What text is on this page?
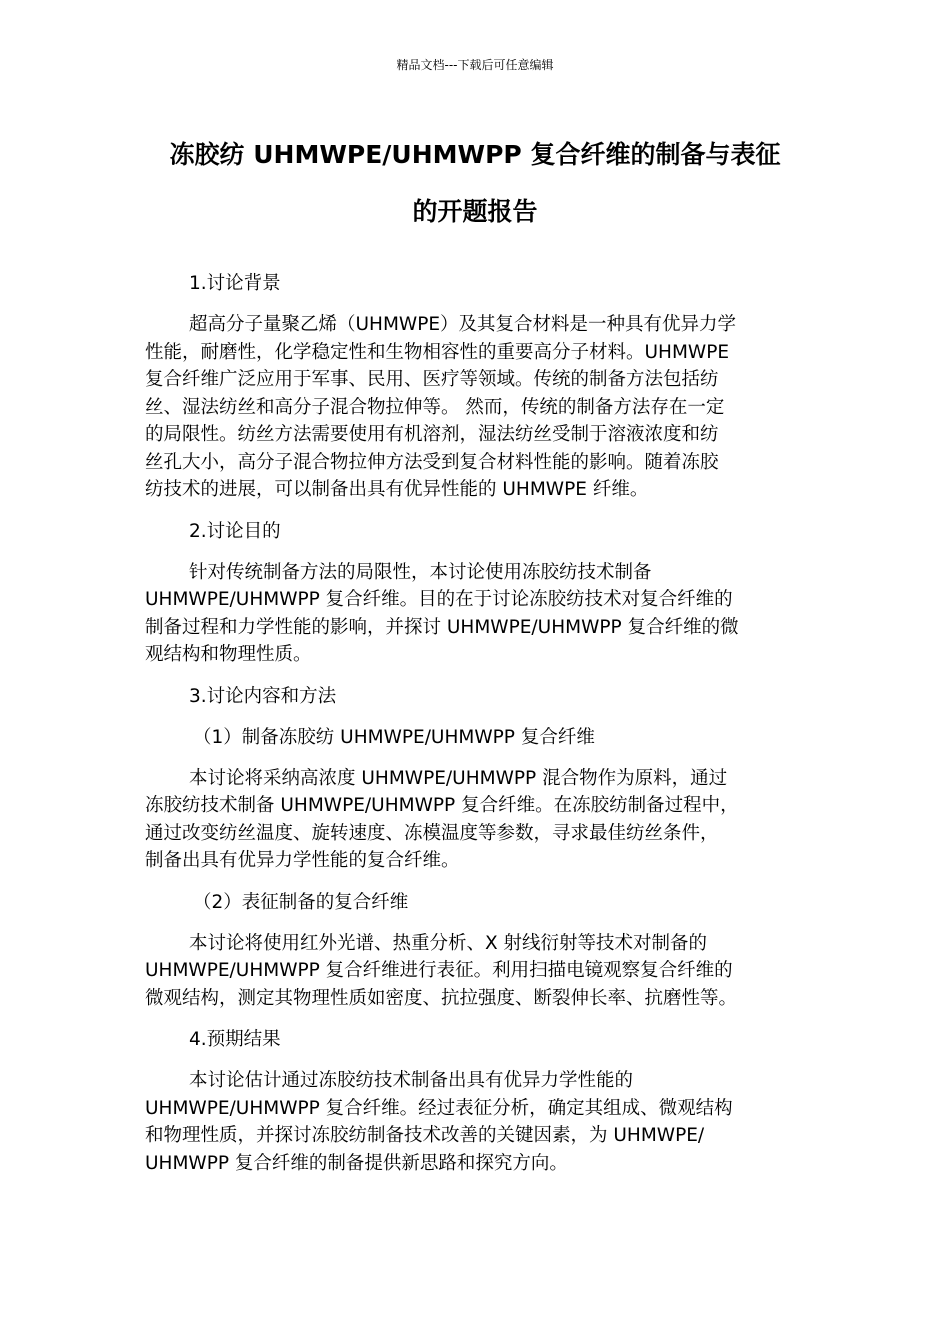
精品文档---下载后可任意编辑
冻胶纺 UHMWPE/UHMWPP 复合纤维的制备与表征
的开题报告
1.讨论背景
超高分子量聚乙烯（UHMWPE）及其复合材料是一种具有优异力学
性能，耐磨性，化学稳定性和生物相容性的重要高分子材料。UHMWPE
复合纤维广泛应用于军事、民用、医疗等领域。传统的制备方法包括纺
丝、湿法纺丝和高分子混合物拉伸等。 然而，传统的制备方法存在一定
的局限性。纺丝方法需要使用有机溶剂，湿法纺丝受制于溶液浓度和纺
丝孔大小，高分子混合物拉伸方法受到复合材料性能的影响。随着冻胶
纺技术的进展，可以制备出具有优异性能的 UHMWPE 纤维。
2.讨论目的
针对传统制备方法的局限性，本讨论使用冻胶纺技术制备
UHMWPE/UHMWPP 复合纤维。目的在于讨论冻胶纺技术对复合纤维的
制备过程和力学性能的影响，并探讨 UHMWPE/UHMWPP 复合纤维的微
观结构和物理性质。
3.讨论内容和方法
（1）制备冻胶纺 UHMWPE/UHMWPP 复合纤维
本讨论将采纳高浓度 UHMWPE/UHMWPP 混合物作为原料，通过
冻胶纺技术制备 UHMWPE/UHMWPP 复合纤维。在冻胶纺制备过程中，
通过改变纺丝温度、旋转速度、冻模温度等参数，寻求最佳纺丝条件，
制备出具有优异力学性能的复合纤维。
（2）表征制备的复合纤维
本讨论将使用红外光谱、热重分析、X 射线衍射等技术对制备的
UHMWPE/UHMWPP 复合纤维进行表征。利用扫描电镜观察复合纤维的
微观结构，测定其物理性质如密度、抗拉强度、断裂伸长率、抗磨性等。
4.预期结果
本讨论估计通过冻胶纺技术制备出具有优异力学性能的
UHMWPE/UHMWPP 复合纤维。经过表征分析，确定其组成、微观结构
和物理性质，并探讨冻胶纺制备技术改善的关键因素，为 UHMWPE/
UHMWPP 复合纤维的制备提供新思路和探究方向。
